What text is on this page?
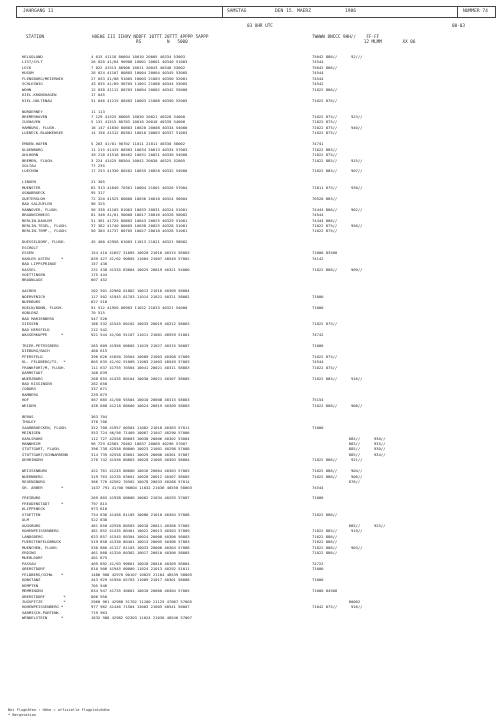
JAHRGANG 11	SAMSTAG	DEN 15. MAERZ	1986	NUMMER 74
03 UHR UTC	00-03
STATION	HOEHE III IIHVV NDDFF 10TTT 20TTT 4PPPP 5APPP
RS          N   5000
7WWWW 8NCCC 9HH//    FF-FF
12 MLMM        XX 06
HELGOLAND	4 015 41118 80604 10010 20005 40334 53003	75042 886//      92///
LIST/SYLT	26 020 41/04 90908 10001 20001 40340 51003	74544
LECK	7 022 41513 80906 10011 20043 40348 53002	75042 886//
HUSUM	28 024 41107 80805 10004 20004 40345 53005	74544
FLENSBURG/MEIERWIK	27 033 41/08 91005 10003 21003 40350 52001	74544
SCHLESWIG	43 035 41/09 90705 11001 21008 40344 53005	74542
WOHN	12 038 41112 80703 10004 20002 40342 55000	71022 886//
KIEL-KRONSHAGEN	17 045
KIEL-HOLTENAU	31 046 41215 80403 10003 21008 40350 52005	71022 876//
NORDERNEY	11 113
BREMERHAVEN	7 129 41525 80605 10030 20021 40328 54000	71022 875//      923//
CUXHAVEN	5 131 41515 80703 10010 20010 40339 54000	71022 875//
HAMBURG, FLUGH.	16 147 41630 80803 10020 20008 40334 54000	71022 875//      940//
LUEBECK-BLANKENSEE	14 156 41312 80301 10010 20003 40337 51003	71022 875//
EMDEN-HAFEN	5 203 41/01 90702 11011 21011 40330 58002	74741
OLDENBURG	11 215 41415 80303 10034 20013 40334 57003	71022 885//
AHLHORN	49 218 41518 80402 10031 20021 40330 54000	71022 875//
BREMEN, FLUGH.	3 224 41425 80504 10042 20030 40325 52005	71022 885//      915//
SOLTAU	77 235
LUECHOW	17 253 41330 80202 10035 20028 40332 54000	71022 885//      907//
LINGEN	21 305
MUENSTER	62 313 41640 70301 10004 21001 40326 57004	71011 875//      930//
OSNABRUECK	95 317
GUETERSLOH	72 320 41525 80000 10036 20018 40324 56004	70520 885//
BAD SALZUFLEN	98 325
HANNOVER, FLUGH.	56 338 41105 81003 10033 20031 40324 51001	74444 886//      902//
BRAUNSCHWEIG	81 348 41/01 90000 10017 20016 40328 50002	74544
BERLIN-DAHLEM	51 381 41725 80803 10043 20025 40329 51001	74444 886//
BERLIN-TEGEL, FLUGH.	37 382 41740 80605 10038 20025 40328 51001	71022 875//      956//
BERLIN-TEMP., FLUGH.	50 384 41737 80705 10027 20018 40328 51001	71022 875//
DUESSELDORF, FLUGH.	45 400 42958 01003 11013 21021 40321 58002
ESCHOLT
ESSEN	154 410 41657 31005 10020 21010 40315 56003	71000 83500
KAHLER ASTEN     *	839 427 41/02 90805 11004 21007 48549 57002	74142
BAD LIPPSPRINGE	157 430
KASSEL	231 438 41335 83604 10025 20019 40321 54000	71022 886//      909//
GOETTINGEN	175 444
BRAUNLAGE	607 452
AACHEN	202 501 42960 01802 10013 21010 40309 58004
NOERVENICH	117 502 41945 01703 11014 21021 40321 58002	71000
NUERBURG	627 510
KOELN/BONN, FLUGH.	91 512 41950 00903 11022 21033 40321 54000	71000
KOBLENZ	70 515
BAD MARIENBERG	547 526
GIESSEN	186 532 41545 80102 10033 20019 40312 58003	71022 875//
BAD HERSFELD	212 542
WASSERKUPPE      *	921 544 41/00 91107 11011 21001 48559 51001	74742
TRIER-PETRISBERG	265 609 41956 00605 11019 21027 40315 56007	71000
DIEBURG/BACH	480 615
PFERSFELD	396 626 41650 70504 10009 21003 40308 57009	71022 875//
KL. FELDBERG/TS.  *	805 635 41/02 91009 11003 21003 48549 57003	74544
FRANKFURT/M, FLUGH.	111 637 41755 70504 10041 20021 40311 58003	71022 875//
DARMSTADT	108 639
WUERZBURG	268 655 41435 80104 10030 20021 40307 58005	71022 885//      916//
BAD KISSINGEN	282 658
COBURG	337 671
BAMBERG	239 675
HOF	567 685 41/00 93504 10010 20008 40315 58003	75154
WEIDEN	438 688 41218 80000 10024 20019 40309 58003	71022 886//      908//
BERUS	363 704
THOLEY	376 706
SAARBRUECKEN, FLUGH.	322 708 41957 00504 11002 21018 40303 57011	71000
MEINIGEN	553 724 46/56 71409 10007 21047 40290 57006
KARLSRUHE	112 727 42558 80603 10030 20006 40302 53004	885//      930//
MANNHEIM	96 729 42565 70402 10037 20009 40296 57007	883//      935//
STUTTGART, FLUGH.	396 738 42558 80000 10023 21001 40298 57008	885//      930//
STUTTGART/SCHNARRENB	314 739 42558 83601 10029 20000 40301 57007	885//      934//
OEHRINGEN	276 742 41556 80803 10020 21005 40303 58004	71022 886//      921//
WEISSENBURG	422 761 41245 80000 10016 20004 40303 57003	71022 886//      904//
NUERNBERG	319 763 41235 83601 10028 20012 40307 58005	71022 886//      906//
REGENSBURG	366 776 42562 70502 10078 20033 40268 57014	878//
GR. ARBER        *	1437 791 41/00 90804 11032 21036 48550 58003	74544
FREIBURG	269 803 41938 00000 10002 21034 40293 57007	71000
FREUDENSTADT     *	797 815
KLIPPENECK	973 818
STOETTEN	734 836 41456 81105 10006 21010 40304 57008	71022 886//
ULM	522 838
AUGSBURG	461 850 42558 80503 10018 20011 40308 57005	885//      925//
HOHENPEISSENBERG	481 852 41435 80401 10022 20013 40303 57009	71022 885//      919//
LANDSBERG	623 857 41545 80304 10024 20008 40306 58003	71022 886//
FUERSTENFELDBRUCK	519 858 41330 80401 10013 20005 40306 57003	71022 886//
MUENCHEN, FLUGH.	530 866 41127 81103 10033 20006 40304 57008	71022 886//      903//
ERDING	461 868 41320 80302 10017 20010 40306 58005	71022 886//
MUEHLDORF	401 875
PASSAU	409 892 41/03 90601 10018 20016 40309 56004	74722
OBERSTDORF	810 906 41945 00000 11024 21013 40292 51011	71000
FELDBERG/SCHW.   *	1486 908 42970 00107 10025 21104 48539 58005
KONSTANZ	443 929 41950 02703 11009 21017 40301 58008	71000
KEMPTEN	705 946
MEMMINGEN	634 947 41735 40601 10010 20000 40304 57005	71000 84500
OBERSTDORF        *	806 950
ZUGSPITZE         *	2960 961 42988 51702 11100 21125 47067 57005	80002
HOHENPEISSENBERG *	977 962 41446 71504 13003 21005 48541 58007	71042 875//      916//
GARMISCH-PARTENK.	719 963
WENDELSTEIN      *	1832 980 42982 02303 11024 21030 48546 57007
Bei Flughäfen : Höhe = offizielle Flugplatzhöhe
* Bergstation
